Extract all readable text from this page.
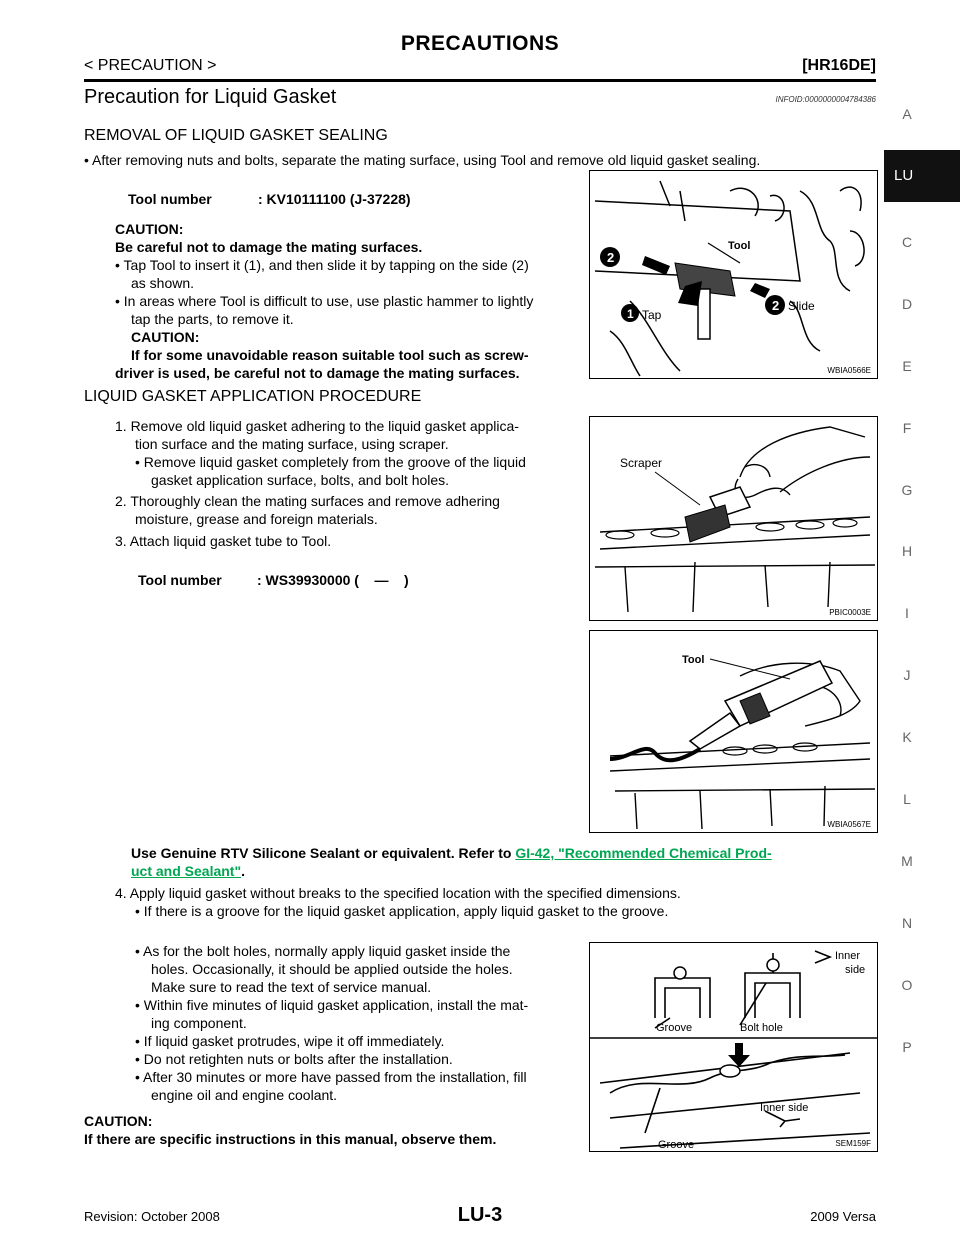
PRECAUTIONS
< PRECAUTION >	[HR16DE]
A
LU
C
D
E
F
G
H
I
J
K
L
M
N
O
P
Precaution for Liquid Gasket	INFOID:0000000004784386
REMOVAL OF LIQUID GASKET SEALING
• After removing nuts and bolts, separate the mating surface, using Tool and remove old liquid gasket sealing.
Tool number	: KV10111100 (J-37228)
CAUTION:
Be careful not to damage the mating surfaces.
• Tap Tool to insert it (1), and then slide it by tapping on the side (2)
as shown.
• In areas where Tool is difficult to use, use plastic hammer to lightly
tap the parts, to remove it.
CAUTION:
If for some unavoidable reason suitable tool such as screw-
driver is used, be careful not to damage the mating surfaces.
2
2
1
Tool
Tap
Slide
WBIA0566E
LIQUID GASKET APPLICATION PROCEDURE
1. Remove old liquid gasket adhering to the liquid gasket applica-
tion surface and the mating surface, using scraper.
• Remove liquid gasket completely from the groove of the liquid
gasket application surface, bolts, and bolt holes.
2. Thoroughly clean the mating surfaces and remove adhering
moisture, grease and foreign materials.
3. Attach liquid gasket tube to Tool.
Tool number	: WS39930000 (    —    )
Scraper
PBIC0003E
Tool
WBIA0567E
Use Genuine RTV Silicone Sealant or equivalent. Refer to GI-42, "Recommended Chemical Prod-
uct and Sealant".
4. Apply liquid gasket without breaks to the specified location with the specified dimensions.
• If there is a groove for the liquid gasket application, apply liquid gasket to the groove.
• As for the bolt holes, normally apply liquid gasket inside the
holes. Occasionally, it should be applied outside the holes.
Make sure to read the text of service manual.
• Within five minutes of liquid gasket application, install the mat-
ing component.
• If liquid gasket protrudes, wipe it off immediately.
• Do not retighten nuts or bolts after the installation.
• After 30 minutes or more have passed from the installation, fill
engine oil and engine coolant.
CAUTION:
If there are specific instructions in this manual, observe them.
Inner
side
Groove	Bolt hole
Inner side
Groove	SEM159F
Revision: October 2008	LU-3	2009 Versa
